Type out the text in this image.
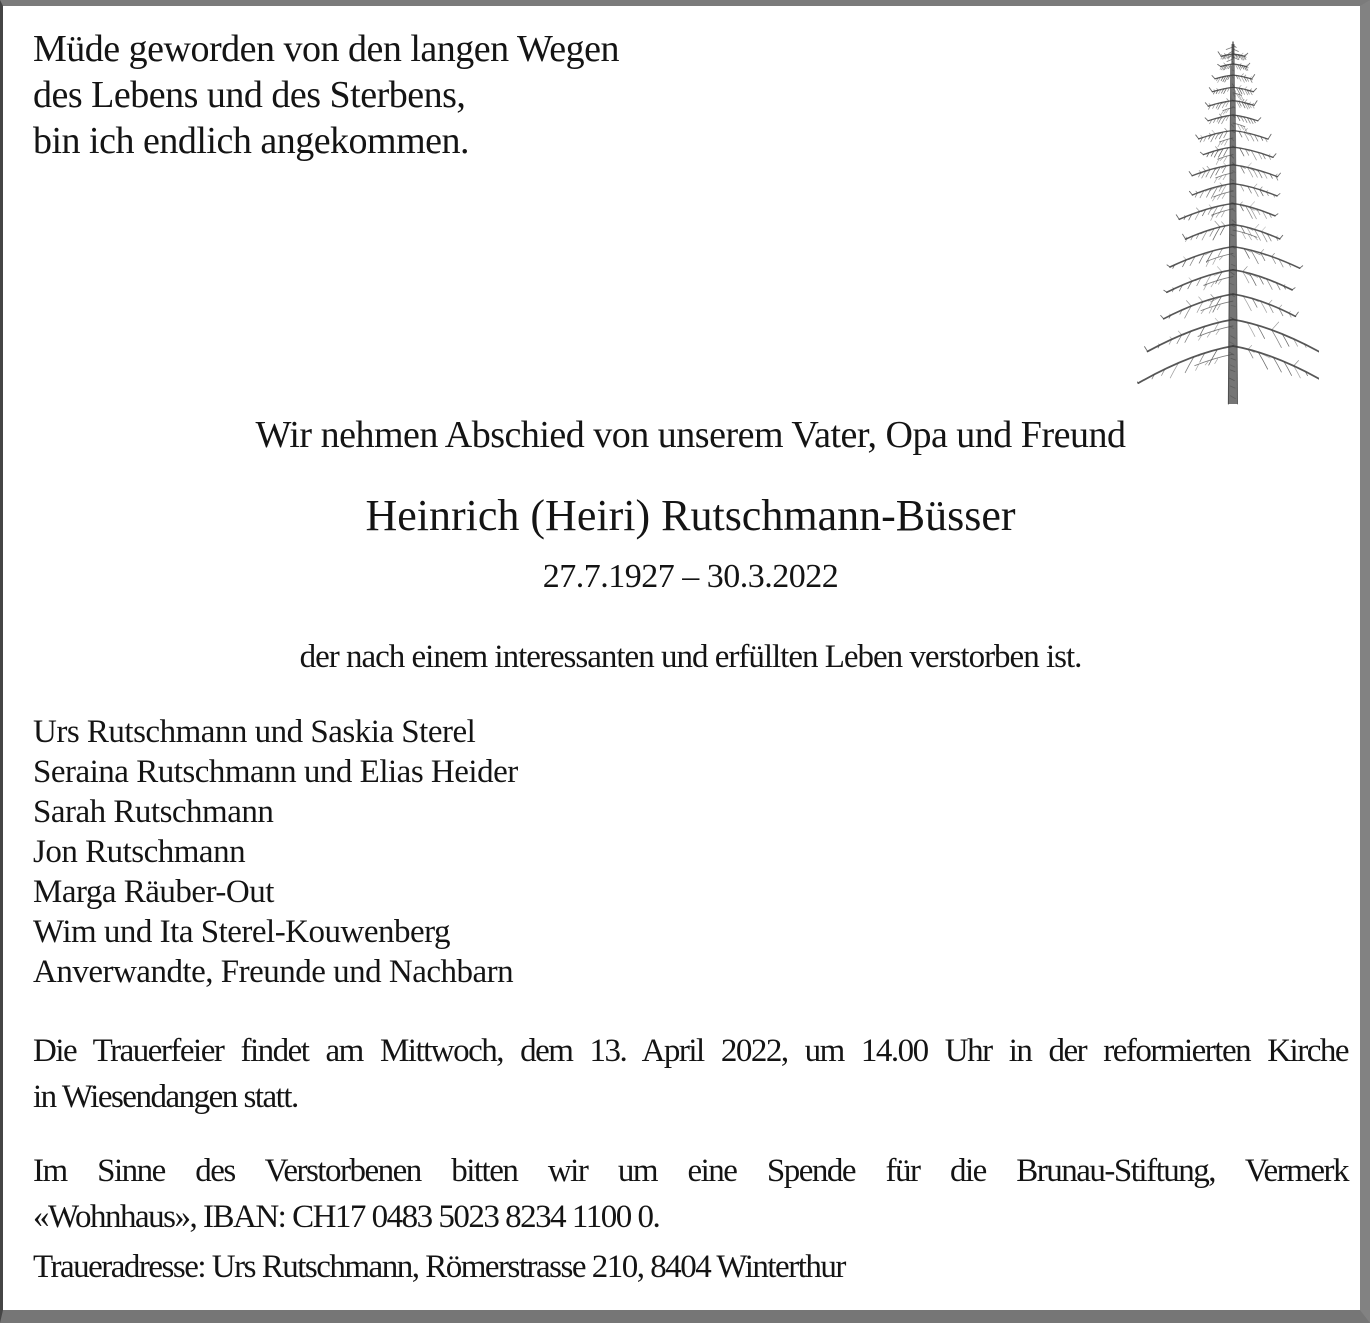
Müde geworden von den langen Wegen
des Lebens und des Sterbens,
bin ich endlich angekommen.
Wir nehmen Abschied von unserem Vater, Opa und Freund
Heinrich (Heiri) Rutschmann-Büsser
27.7.1927 – 30.3.2022
der nach einem interessanten und erfüllten Leben verstorben ist.
Urs Rutschmann und Saskia Sterel
Seraina Rutschmann und Elias Heider
Sarah Rutschmann
Jon Rutschmann
Marga Räuber-Out
Wim und Ita Sterel-Kouwenberg
Anverwandte, Freunde und Nachbarn
Die Trauerfeier findet am Mittwoch, dem 13. April 2022, um 14.00 Uhr in der reformierten Kirche
in Wiesendangen statt.
Im Sinne des Verstorbenen bitten wir um eine Spende für die Brunau-Stiftung, Vermerk
«Wohnhaus», IBAN: CH17 0483 5023 8234 1100 0.
Traueradresse: Urs Rutschmann, Römerstrasse 210, 8404 Winterthur
